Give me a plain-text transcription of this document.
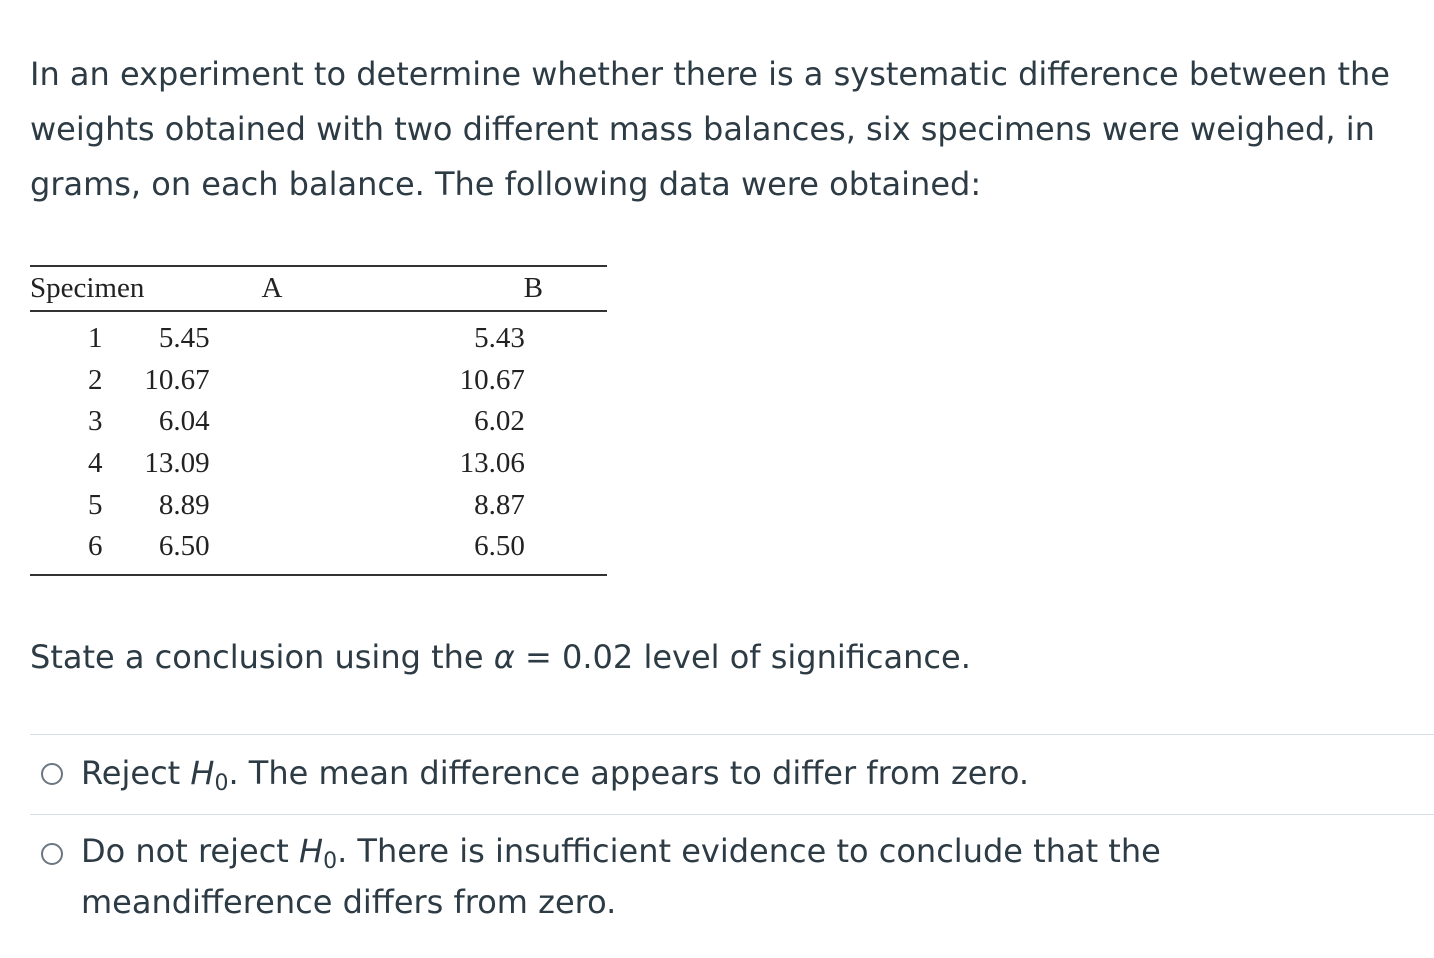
In an experiment to determine whether there is a systematic difference between the weights obtained with two different mass balances, six specimens were weighed, in grams, on each balance. The following data were obtained:

Specimen	A	B
1	5.45	5.43
2	10.67	10.67
3	6.04	6.02
4	13.09	13.06
5	8.89	8.87
6	6.50	6.50

State a conclusion using the α = 0.02 level of significance.

Reject $H_0$. The mean difference appears to differ from zero.
Do not reject $H_0$. There is insufficient evidence to conclude that the meandifference differs from zero.
